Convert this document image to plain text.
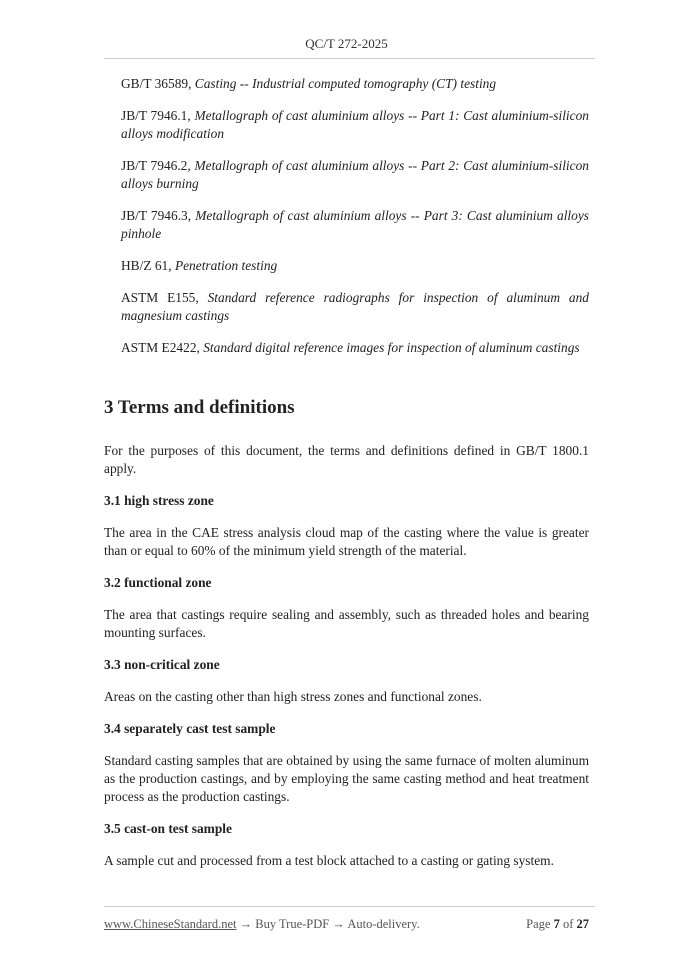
QC/T 272-2025

GB/T 36589, Casting -- Industrial computed tomography (CT) testing

JB/T 7946.1, Metallograph of cast aluminium alloys -- Part 1: Cast aluminium-silicon alloys modification

JB/T 7946.2, Metallograph of cast aluminium alloys -- Part 2: Cast aluminium-silicon alloys burning

JB/T 7946.3, Metallograph of cast aluminium alloys -- Part 3: Cast aluminium alloys pinhole

HB/Z 61, Penetration testing

ASTM E155, Standard reference radiographs for inspection of aluminum and magnesium castings

ASTM E2422, Standard digital reference images for inspection of aluminum castings

3 Terms and definitions

For the purposes of this document, the terms and definitions defined in GB/T 1800.1 apply.

3.1 high stress zone

The area in the CAE stress analysis cloud map of the casting where the value is greater than or equal to 60% of the minimum yield strength of the material.

3.2 functional zone

The area that castings require sealing and assembly, such as threaded holes and bearing mounting surfaces.

3.3 non-critical zone

Areas on the casting other than high stress zones and functional zones.

3.4 separately cast test sample

Standard casting samples that are obtained by using the same furnace of molten aluminum as the production castings, and by employing the same casting method and heat treatment process as the production castings.

3.5 cast-on test sample

A sample cut and processed from a test block attached to a casting or gating system.

www.ChineseStandard.net → Buy True-PDF → Auto-delivery.	Page 7 of 27
